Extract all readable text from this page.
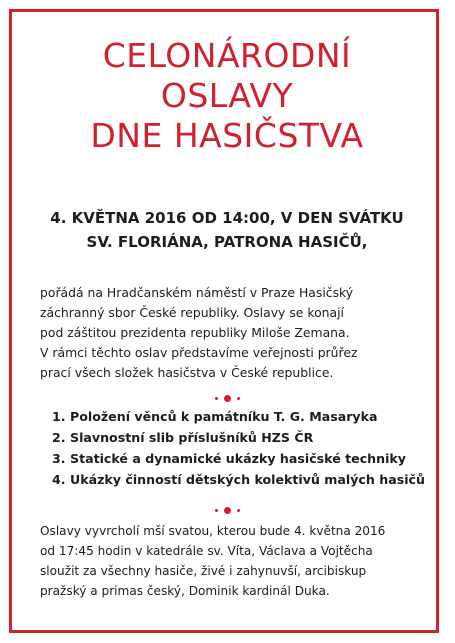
CELONÁRODNÍ
OSLAVY
DNE HASIČSTVA
4. KVĚTNA 2016 OD 14:00, V DEN SVÁTKU
SV. FLORIÁNA, PATRONA HASIČŮ,
pořádá na Hradčanském náměstí v Praze Hasičský
záchranný sbor České republiky. Oslavy se konají
pod záštitou prezidenta republiky Miloše Zemana.
V rámci těchto oslav představíme veřejnosti průřez
prací všech složek hasičstva v České republice.
1. Položení věnců k památníku T. G. Masaryka
2. Slavnostní slib příslušníků HZS ČR
3. Statické a dynamické ukázky hasičské techniky
4. Ukázky činností dětských kolektivů malých hasičů
Oslavy vyvrcholí mší svatou, kterou bude 4. května 2016
od 17:45 hodin v katedrále sv. Víta, Václava a Vojtěcha
sloužit za všechny hasiče, živé i zahynuvší, arcibiskup
pražský a primas český, Dominik kardinál Duka.
